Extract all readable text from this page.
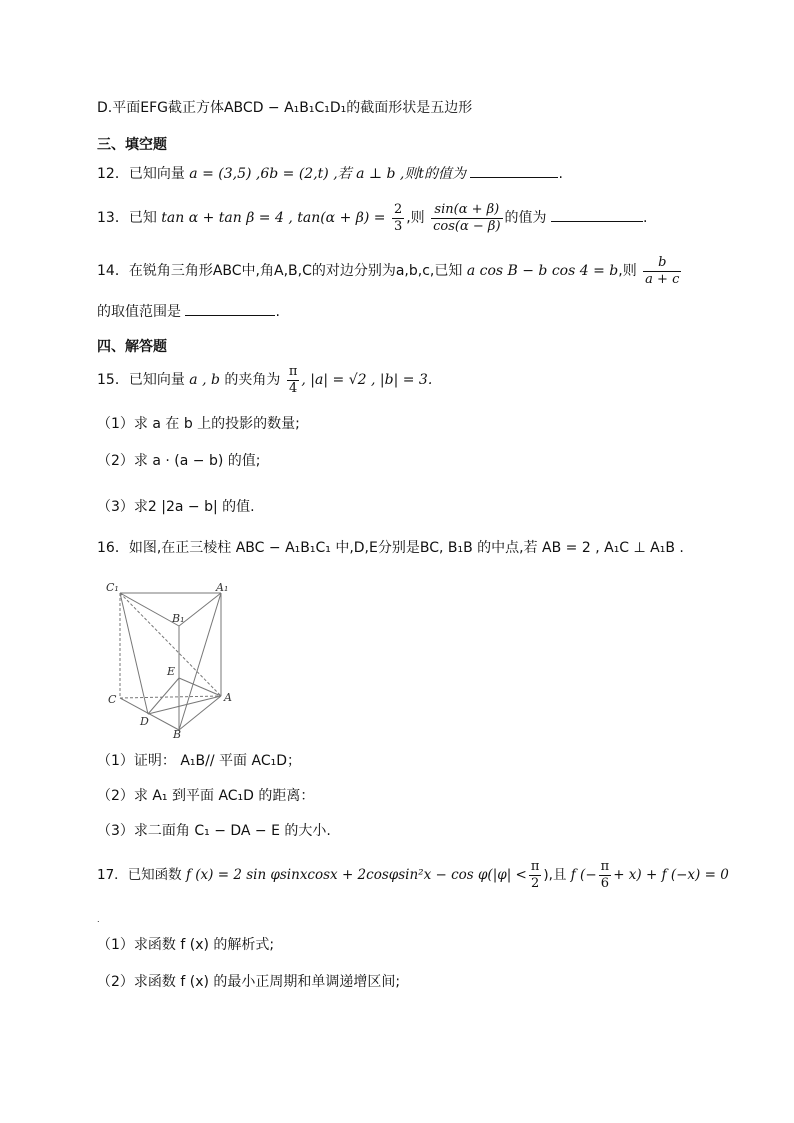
D.平面EFG截正方体ABCD − A₁B₁C₁D₁的截面形状是五边形
三、填空题
12．已知向量 a = (3,5) ,6b = (2,t) ,若 a ⊥ b ,则t的值为	.
13．已知 tan α + tan β = 4 , $\tan(\alpha + \beta) = \frac{2}{3}$ ,则 $\frac{\sin(\alpha + \beta)}{\cos(\alpha - \beta)}$ 的值为	.
14．在锐角三角形ABC中,角A,B,C的对边分别为a,b,c,已知 a cos B − b cos 4 = b,则 $\frac{b}{a + c}$
的取值范围是	.
四、解答题
15．已知向量 a , b 的夹角为 $\frac{\pi}{4}$ , |a| = √2 , |b| = 3.
（1）求 a 在 b 上的投影的数量;
（2）求 a · (a − b) 的值;
（3）求2 |2a − b| 的值.
16．如图,在正三棱柱 ABC − A₁B₁C₁ 中,D,E分别是BC, B₁B 的中点,若 AB = 2 , A₁C ⊥ A₁B .
C₁	A₁
B₁
E
C	A
D
B
（1）证明： A₁B// 平面 AC₁D；
（2）求 A₁ 到平面 AC₁D 的距离：
（3）求二面角 C₁ − DA − E 的大小.
17．已知函数 f (x) = 2 sin φsinxcosx + $2\cos\varphi\sin^2x - \cos \varphi(|\varphi| < \frac{\pi}{2}$ ),且 f (− $\frac{\pi}{6} + x) + f$ (−x) = 0
.
（1）求函数 f (x) 的解析式;
（2）求函数 f (x) 的最小正周期和单调递增区间;
